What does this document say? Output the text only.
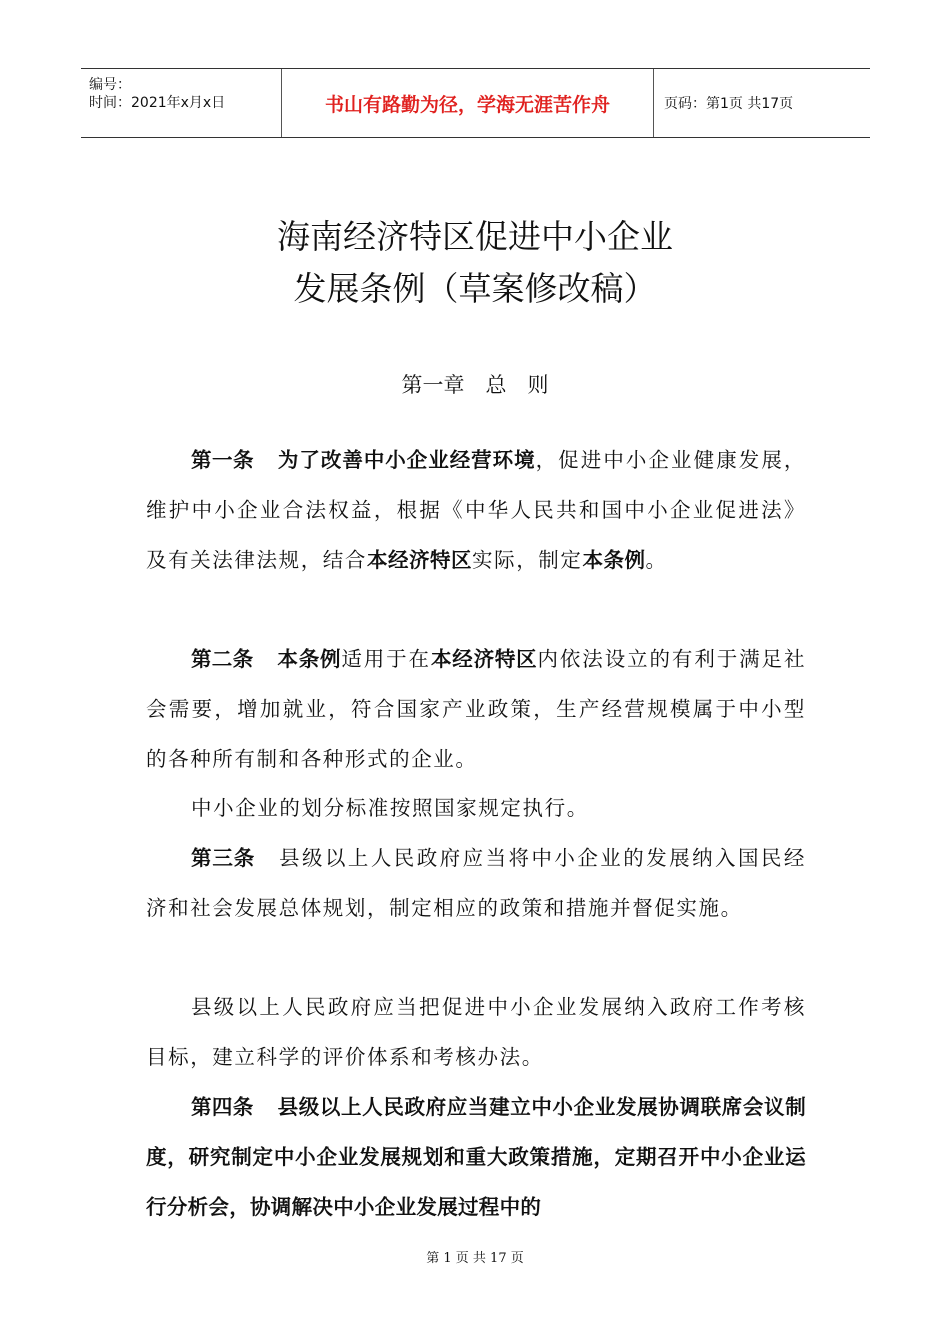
编号：
时间：2021年x月x日	书山有路勤为径，学海无涯苦作舟	页码：第1页 共17页
海南经济特区促进中小企业
发展条例（草案修改稿）
第一章　总　则
第一条 为了改善中小企业经营环境，促进中小企业健康发展，维护中小企业合法权益，根据《中华人民共和国中小企业促进法》及有关法律法规，结合本经济特区实际，制定本条例。
第二条 本条例适用于在本经济特区内依法设立的有利于满足社会需要，增加就业，符合国家产业政策，生产经营规模属于中小型的各种所有制和各种形式的企业。
中小企业的划分标准按照国家规定执行。
第三条 县级以上人民政府应当将中小企业的发展纳入国民经济和社会发展总体规划，制定相应的政策和措施并督促实施。
县级以上人民政府应当把促进中小企业发展纳入政府工作考核目标，建立科学的评价体系和考核办法。
第四条 县级以上人民政府应当建立中小企业发展协调联席会议制度，研究制定中小企业发展规划和重大政策措施，定期召开中小企业运行分析会，协调解决中小企业发展过程中的
第 1 页 共 17 页
